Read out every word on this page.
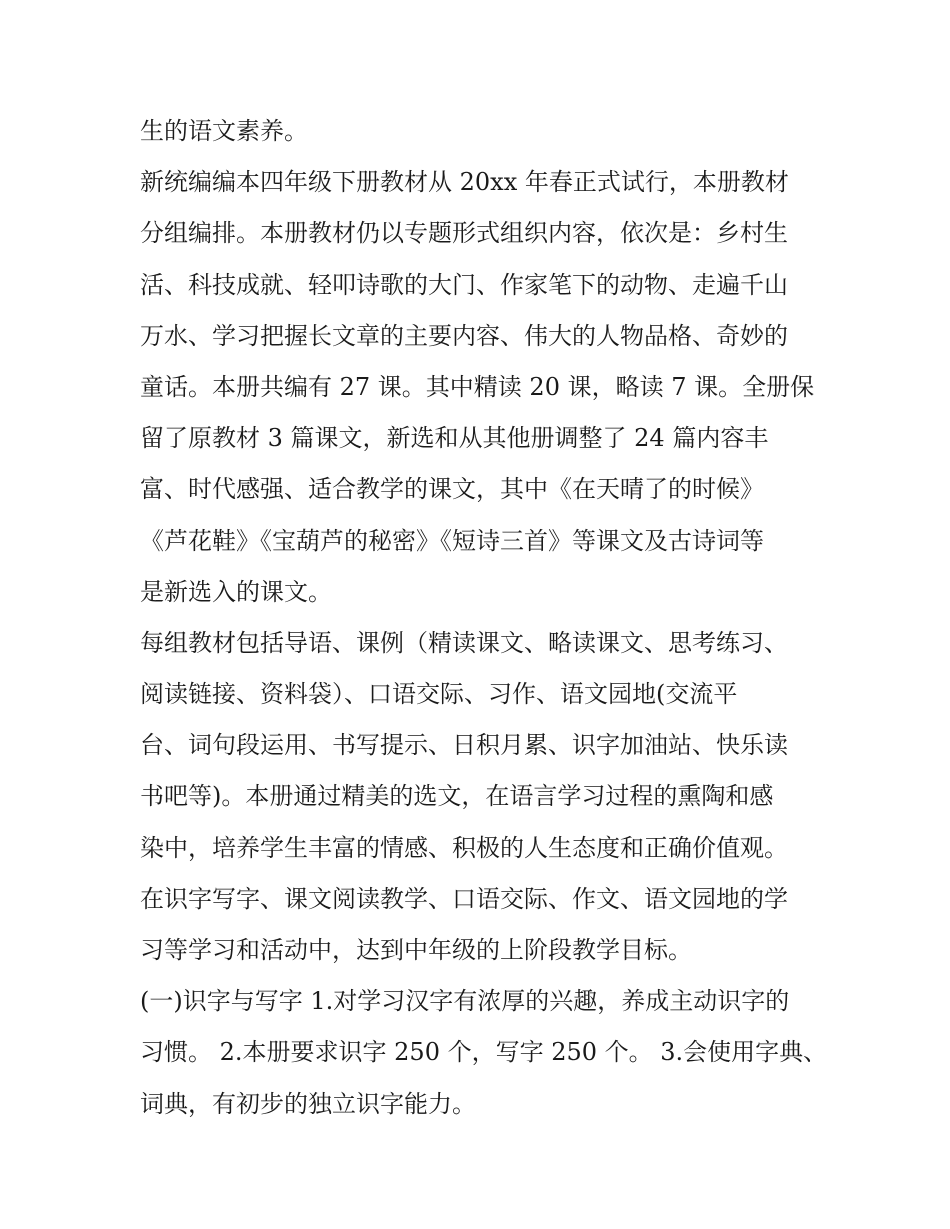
生的语文素养。

新统编编本四年级下册教材从 20xx 年春正式试行，本册教材

分组编排。本册教材仍以专题形式组织内容，依次是：乡村生

活、科技成就、轻叩诗歌的大门、作家笔下的动物、走遍千山

万水、学习把握长文章的主要内容、伟大的人物品格、奇妙的

童话。本册共编有 27 课。其中精读 20 课，略读 7 课。全册保

留了原教材 3 篇课文，新选和从其他册调整了 24 篇内容丰

富、时代感强、适合教学的课文，其中《在天晴了的时候》

《芦花鞋》《宝葫芦的秘密》《短诗三首》等课文及古诗词等

是新选入的课文。

每组教材包括导语、课例（精读课文、略读课文、思考练习、

阅读链接、资料袋）、口语交际、习作、语文园地(交流平

台、词句段运用、书写提示、日积月累、识字加油站、快乐读

书吧等)。本册通过精美的选文，在语言学习过程的熏陶和感

染中，培养学生丰富的情感、积极的人生态度和正确价值观。

在识字写字、课文阅读教学、口语交际、作文、语文园地的学

习等学习和活动中，达到中年级的上阶段教学目标。

(一)识字与写字 1.对学习汉字有浓厚的兴趣，养成主动识字的

习惯。 2.本册要求识字 250 个，写字 250 个。 3.会使用字典、

词典，有初步的独立识字能力。
